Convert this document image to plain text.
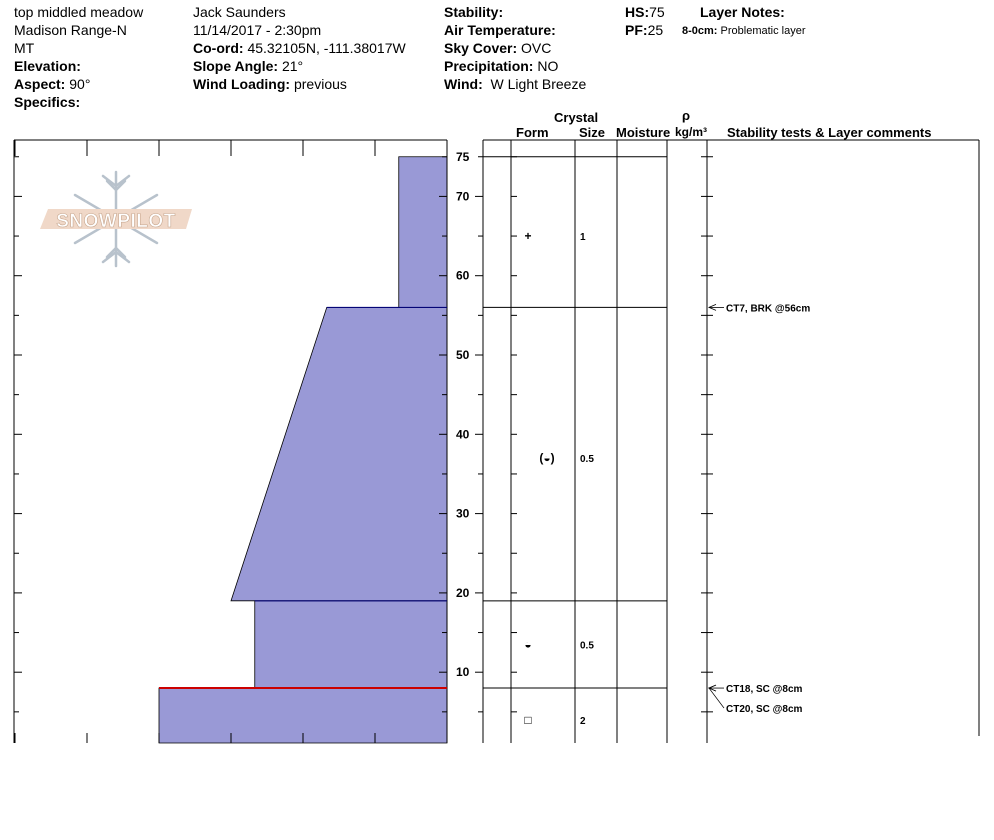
top middled meadow
Madison Range-N
MT
Elevation:
Aspect: 90°
Specifics:
Jack Saunders
11/14/2017 - 2:30pm
Co-ord: 45.32105N, -111.38017W
Slope Angle: 21°
Wind Loading: previous
Stability:
Air Temperature:
Sky Cover: OVC
Precipitation: NO
Wind: W Light Breeze
HS:75
PF:25
Layer Notes:
8-0cm: Problematic layer
Crystal
Form Size Moisture
ρ
kg/m³ Stability tests & Layer comments
SNOWPILOT
10
20
30
40
50
60
70
75
+	1
(◒)	0.5
◒	0.5
□	2
CT7, BRK @56cm
CT18, SC @8cm
CT20, SC @8cm
